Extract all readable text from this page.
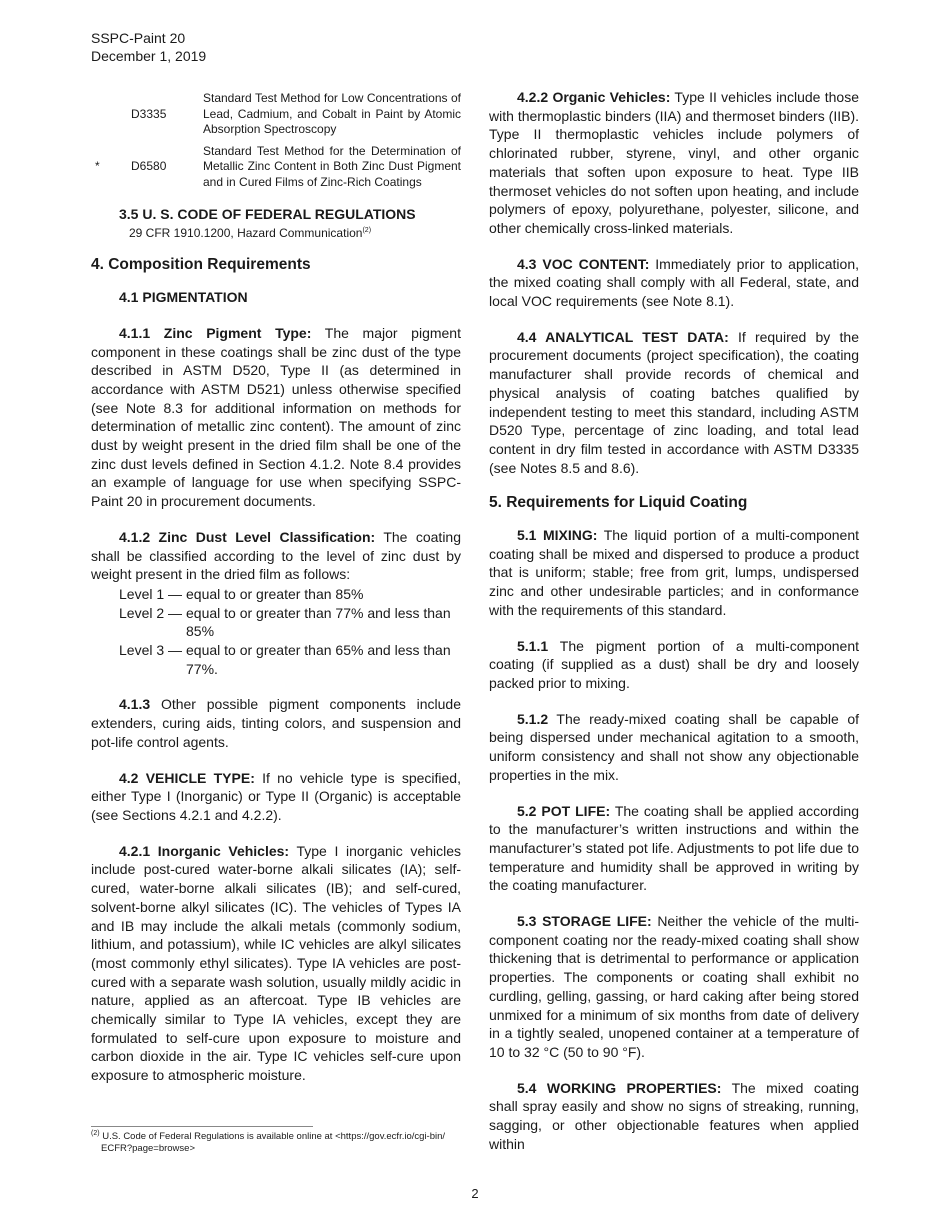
SSPC-Paint 20
December 1, 2019
	D3335	Standard Test Method for Low Concentrations of Lead, Cadmium, and Cobalt in Paint by Atomic Absorption Spectroscopy
*	D6580	Standard Test Method for the Determination of Metallic Zinc Content in Both Zinc Dust Pigment and in Cured Films of Zinc-Rich Coatings
3.5 U. S. CODE OF FEDERAL REGULATIONS
29 CFR 1910.1200, Hazard Communication$^{(2)}$
4. Composition Requirements
4.1 PIGMENTATION

4.1.1 Zinc Pigment Type: The major pigment component in these coatings shall be zinc dust of the type described in ASTM D520, Type II (as determined in accordance with ASTM D521) unless otherwise specified (see Note 8.3 for additional information on methods for determination of metallic zinc content). The amount of zinc dust by weight present in the dried film shall be one of the zinc dust levels defined in Section 4.1.2. Note 8.4 provides an example of language for use when specifying SSPC-Paint 20 in procurement documents.

4.1.2 Zinc Dust Level Classification: The coating shall be classified according to the level of zinc dust by weight present in the dried film as follows:

Level 1 — equal to or greater than 85%
Level 2 — equal to or greater than 77% and less than 85%
Level 3 — equal to or greater than 65% and less than 77%.

4.1.3 Other possible pigment components include extenders, curing aids, tinting colors, and suspension and pot-life control agents.

4.2 VEHICLE TYPE: If no vehicle type is specified, either Type I (Inorganic) or Type II (Organic) is acceptable (see Sections 4.2.1 and 4.2.2).

4.2.1 Inorganic Vehicles: Type I inorganic vehicles include post-cured water-borne alkali silicates (IA); self-cured, water-borne alkali silicates (IB); and self-cured, solvent-borne alkyl silicates (IC). The vehicles of Types IA and IB may include the alkali metals (commonly sodium, lithium, and potassium), while IC vehicles are alkyl silicates (most commonly ethyl silicates). Type IA vehicles are post-cured with a separate wash solution, usually mildly acidic in nature, applied as an aftercoat. Type IB vehicles are chemically similar to Type IA vehicles, except they are formulated to self-cure upon exposure to moisture and carbon dioxide in the air. Type IC vehicles self-cure upon exposure to atmospheric moisture.

4.2.2 Organic Vehicles: Type II vehicles include those with thermoplastic binders (IIA) and thermoset binders (IIB). Type II thermoplastic vehicles include polymers of chlorinated rubber, styrene, vinyl, and other organic materials that soften upon exposure to heat. Type IIB thermoset vehicles do not soften upon heating, and include polymers of epoxy, polyurethane, polyester, silicone, and other chemically cross-linked materials.

4.3 VOC CONTENT: Immediately prior to application, the mixed coating shall comply with all Federal, state, and local VOC requirements (see Note 8.1).

4.4 ANALYTICAL TEST DATA: If required by the procurement documents (project specification), the coating manufacturer shall provide records of chemical and physical analysis of coating batches qualified by independent testing to meet this standard, including ASTM D520 Type, percentage of zinc loading, and total lead content in dry film tested in accordance with ASTM D3335 (see Notes 8.5 and 8.6).

5. Requirements for Liquid Coating

5.1 MIXING: The liquid portion of a multi-component coating shall be mixed and dispersed to produce a product that is uniform; stable; free from grit, lumps, undispersed zinc and other undesirable particles; and in conformance with the requirements of this standard.

5.1.1 The pigment portion of a multi-component coating (if supplied as a dust) shall be dry and loosely packed prior to mixing.

5.1.2 The ready-mixed coating shall be capable of being dispersed under mechanical agitation to a smooth, uniform consistency and shall not show any objectionable properties in the mix.

5.2 POT LIFE: The coating shall be applied according to the manufacturer’s written instructions and within the manufacturer’s stated pot life. Adjustments to pot life due to temperature and humidity shall be approved in writing by the coating manufacturer.

5.3 STORAGE LIFE: Neither the vehicle of the multi-component coating nor the ready-mixed coating shall show thickening that is detrimental to performance or application properties. The components or coating shall exhibit no curdling, gelling, gassing, or hard caking after being stored unmixed for a minimum of six months from date of delivery in a tightly sealed, unopened container at a temperature of 10 to 32 °C (50 to 90 °F).

5.4 WORKING PROPERTIES: The mixed coating shall spray easily and show no signs of streaking, running, sagging, or other objectionable features when applied within

$^{(2)}$ U.S. Code of Federal Regulations is available online at <https://gov.ecfr.io/cgi-bin/
ECFR?page=browse>
2
